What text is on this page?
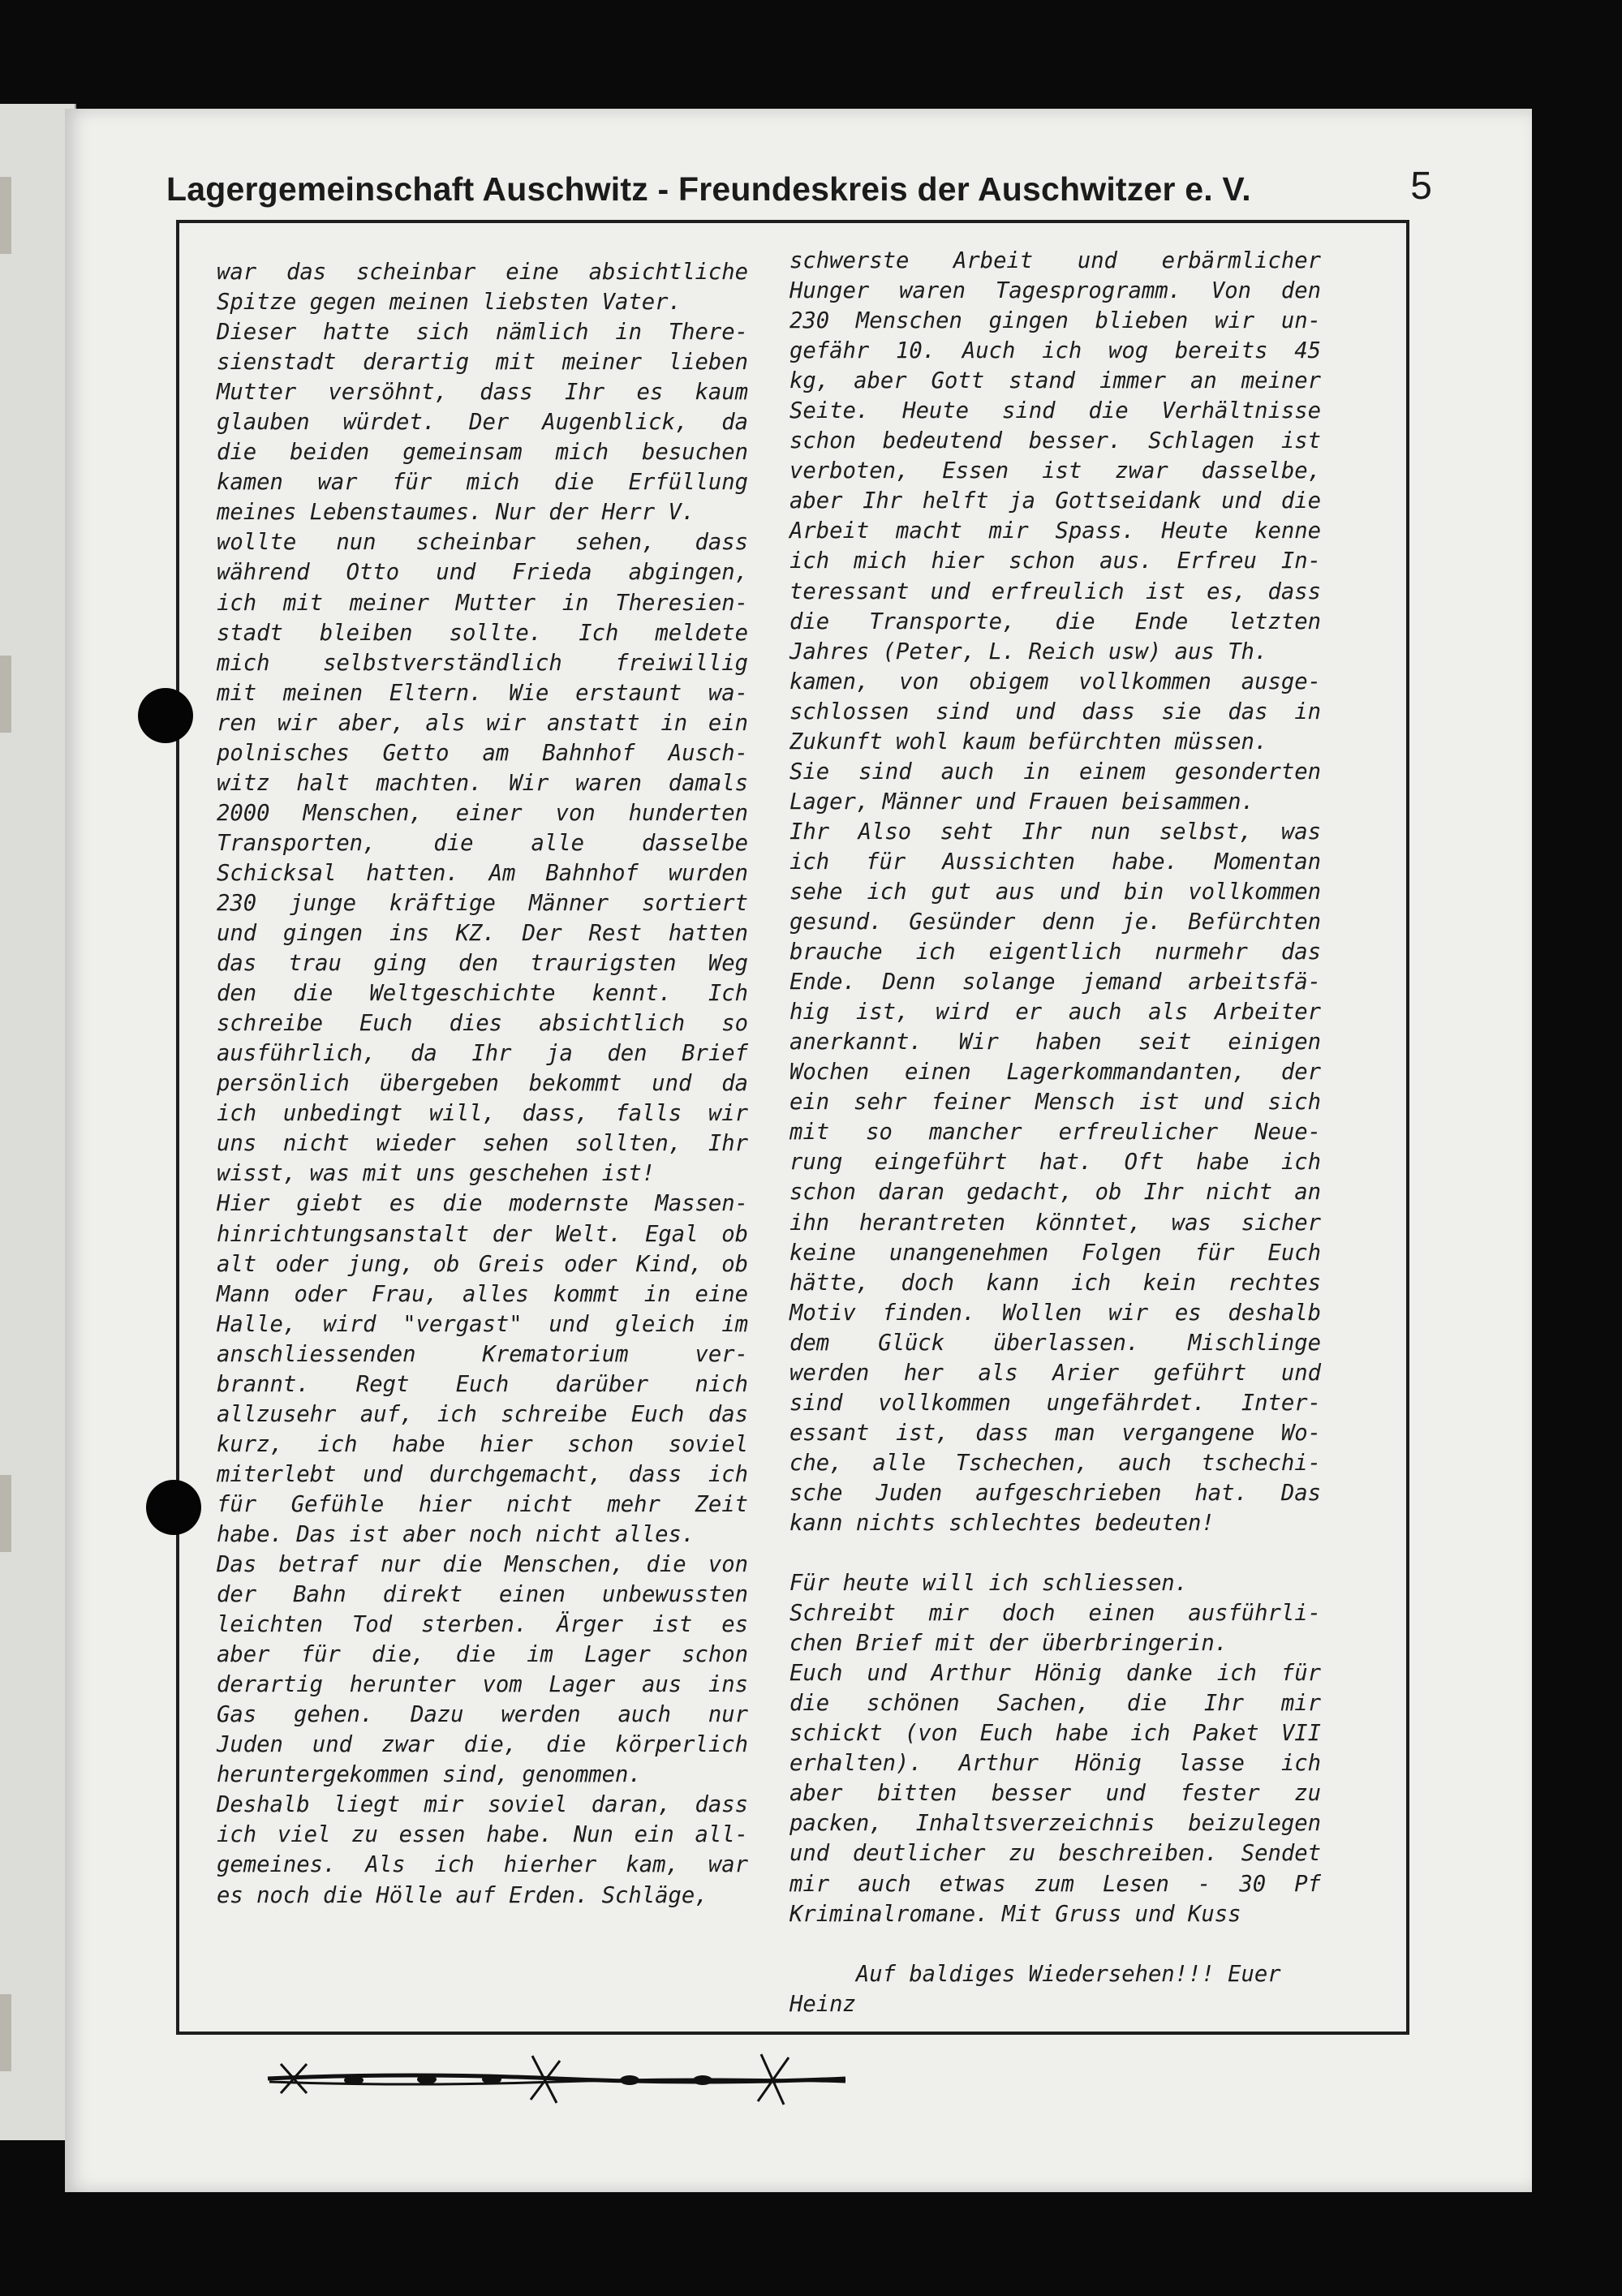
Lagergemeinschaft Auschwitz - Freundeskreis der Auschwitzer e. V.	5
war das scheinbar eine absichtliche
Spitze gegen meinen liebsten Vater.
Dieser hatte sich nämlich in There-
sienstadt derartig mit meiner lieben
Mutter versöhnt, dass Ihr es kaum
glauben würdet. Der Augenblick, da
die beiden gemeinsam mich besuchen
kamen war für mich die Erfüllung
meines Lebenstaumes. Nur der Herr V.
wollte nun scheinbar sehen, dass
während Otto und Frieda abgingen,
ich mit meiner Mutter in Theresien-
stadt bleiben sollte. Ich meldete
mich selbstverständlich freiwillig
mit meinen Eltern. Wie erstaunt wa-
ren wir aber, als wir anstatt in ein
polnisches Getto am Bahnhof Ausch-
witz halt machten. Wir waren damals
2000 Menschen, einer von hunderten
Transporten, die alle dasselbe
Schicksal hatten. Am Bahnhof wurden
230 junge kräftige Männer sortiert
und gingen ins KZ. Der Rest hatten
das trau ging den traurigsten Weg
den die Weltgeschichte kennt. Ich
schreibe Euch dies absichtlich so
ausführlich, da Ihr ja den Brief
persönlich übergeben bekommt und da
ich unbedingt will, dass, falls wir
uns nicht wieder sehen sollten, Ihr
wisst, was mit uns geschehen ist!
Hier giebt es die modernste Massen-
hinrichtungsanstalt der Welt. Egal ob
alt oder jung, ob Greis oder Kind, ob
Mann oder Frau, alles kommt in eine
Halle, wird "vergast" und gleich im
anschliessenden Krematorium ver-
brannt. Regt Euch darüber nich
allzusehr auf, ich schreibe Euch das
kurz, ich habe hier schon soviel
miterlebt und durchgemacht, dass ich
für Gefühle hier nicht mehr Zeit
habe. Das ist aber noch nicht alles.
Das betraf nur die Menschen, die von
der Bahn direkt einen unbewussten
leichten Tod sterben. Ärger ist es
aber für die, die im Lager schon
derartig herunter vom Lager aus ins
Gas gehen. Dazu werden auch nur
Juden und zwar die, die körperlich
heruntergekommen sind, genommen.
Deshalb liegt mir soviel daran, dass
ich viel zu essen habe. Nun ein all-
gemeines. Als ich hierher kam, war
es noch die Hölle auf Erden. Schläge,
schwerste Arbeit und erbärmlicher
Hunger waren Tagesprogramm. Von den
230 Menschen gingen blieben wir un-
gefähr 10. Auch ich wog bereits 45
kg, aber Gott stand immer an meiner
Seite. Heute sind die Verhältnisse
schon bedeutend besser. Schlagen ist
verboten, Essen ist zwar dasselbe,
aber Ihr helft ja Gottseidank und die
Arbeit macht mir Spass. Heute kenne
ich mich hier schon aus. Erfreu In-
teressant und erfreulich ist es, dass
die Transporte, die Ende letzten
Jahres (Peter, L. Reich usw) aus Th.
kamen, von obigem vollkommen ausge-
schlossen sind und dass sie das in
Zukunft wohl kaum befürchten müssen.
Sie sind auch in einem gesonderten
Lager, Männer und Frauen beisammen.
Ihr Also seht Ihr nun selbst, was
ich für Aussichten habe. Momentan
sehe ich gut aus und bin vollkommen
gesund. Gesünder denn je. Befürchten
brauche ich eigentlich nurmehr das
Ende. Denn solange jemand arbeitsfä-
hig ist, wird er auch als Arbeiter
anerkannt. Wir haben seit einigen
Wochen einen Lagerkommandanten, der
ein sehr feiner Mensch ist und sich
mit so mancher erfreulicher Neue-
rung eingeführt hat. Oft habe ich
schon daran gedacht, ob Ihr nicht an
ihn herantreten könntet, was sicher
keine unangenehmen Folgen für Euch
hätte, doch kann ich kein rechtes
Motiv finden. Wollen wir es deshalb
dem Glück überlassen. Mischlinge
werden her als Arier geführt und
sind vollkommen ungefährdet. Inter-
essant ist, dass man vergangene Wo-
che, alle Tschechen, auch tschechi-
sche Juden aufgeschrieben hat. Das
kann nichts schlechtes bedeuten!
Für heute will ich schliessen.
Schreibt mir doch einen ausführli-
chen Brief mit der überbringerin.
Euch und Arthur Hönig danke ich für
die schönen Sachen, die Ihr mir
schickt (von Euch habe ich Paket VII
erhalten). Arthur Hönig lasse ich
aber bitten besser und fester zu
packen, Inhaltsverzeichnis beizulegen
und deutlicher zu beschreiben. Sendet
mir auch etwas zum Lesen - 30 Pf
Kriminalromane. Mit Gruss und Kuss
Auf baldiges Wiedersehen!!! Euer
Heinz
